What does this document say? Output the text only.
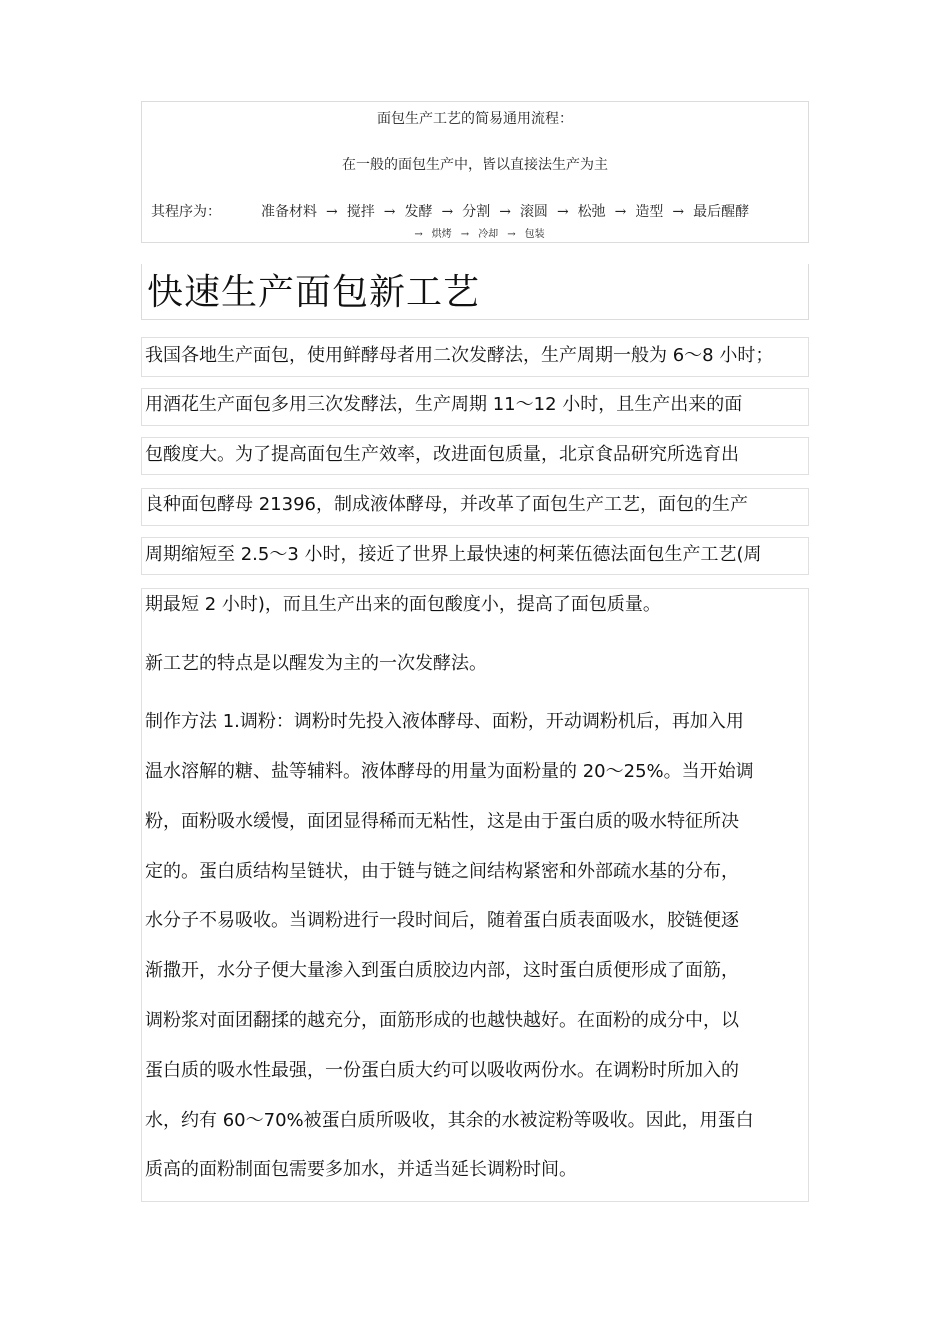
面包生产工艺的简易通用流程：
在一般的面包生产中，皆以直接法生产为主
其程序为：	准备材料 → 搅拌 → 发酵 → 分割 → 滚圆 → 松弛 → 造型 → 最后醒酵
→ 烘烤 → 冷却 → 包装
快速生产面包新工艺
我国各地生产面包，使用鲜酵母者用二次发酵法，生产周期一般为 6～8 小时；
用酒花生产面包多用三次发酵法，生产周期 11～12 小时，且生产出来的面
包酸度大。为了提高面包生产效率，改进面包质量，北京食品研究所选育出
良种面包酵母 21396，制成液体酵母，并改革了面包生产工艺，面包的生产
周期缩短至 2.5～3 小时，接近了世界上最快速的柯莱伍德法面包生产工艺(周
期最短 2 小时)，而且生产出来的面包酸度小，提高了面包质量。
新工艺的特点是以醒发为主的一次发酵法。
制作方法 1.调粉：调粉时先投入液体酵母、面粉，开动调粉机后，再加入用
温水溶解的糖、盐等辅料。液体酵母的用量为面粉量的 20～25%。当开始调
粉，面粉吸水缓慢，面团显得稀而无粘性，这是由于蛋白质的吸水特征所决
定的。蛋白质结构呈链状，由于链与链之间结构紧密和外部疏水基的分布，
水分子不易吸收。当调粉进行一段时间后，随着蛋白质表面吸水，胶链便逐
渐撒开，水分子便大量渗入到蛋白质胶边内部，这时蛋白质便形成了面筋，
调粉浆对面团翻揉的越充分，面筋形成的也越快越好。在面粉的成分中，以
蛋白质的吸水性最强，一份蛋白质大约可以吸收两份水。在调粉时所加入的
水，约有 60～70%被蛋白质所吸收，其余的水被淀粉等吸收。因此，用蛋白
质高的面粉制面包需要多加水，并适当延长调粉时间。
